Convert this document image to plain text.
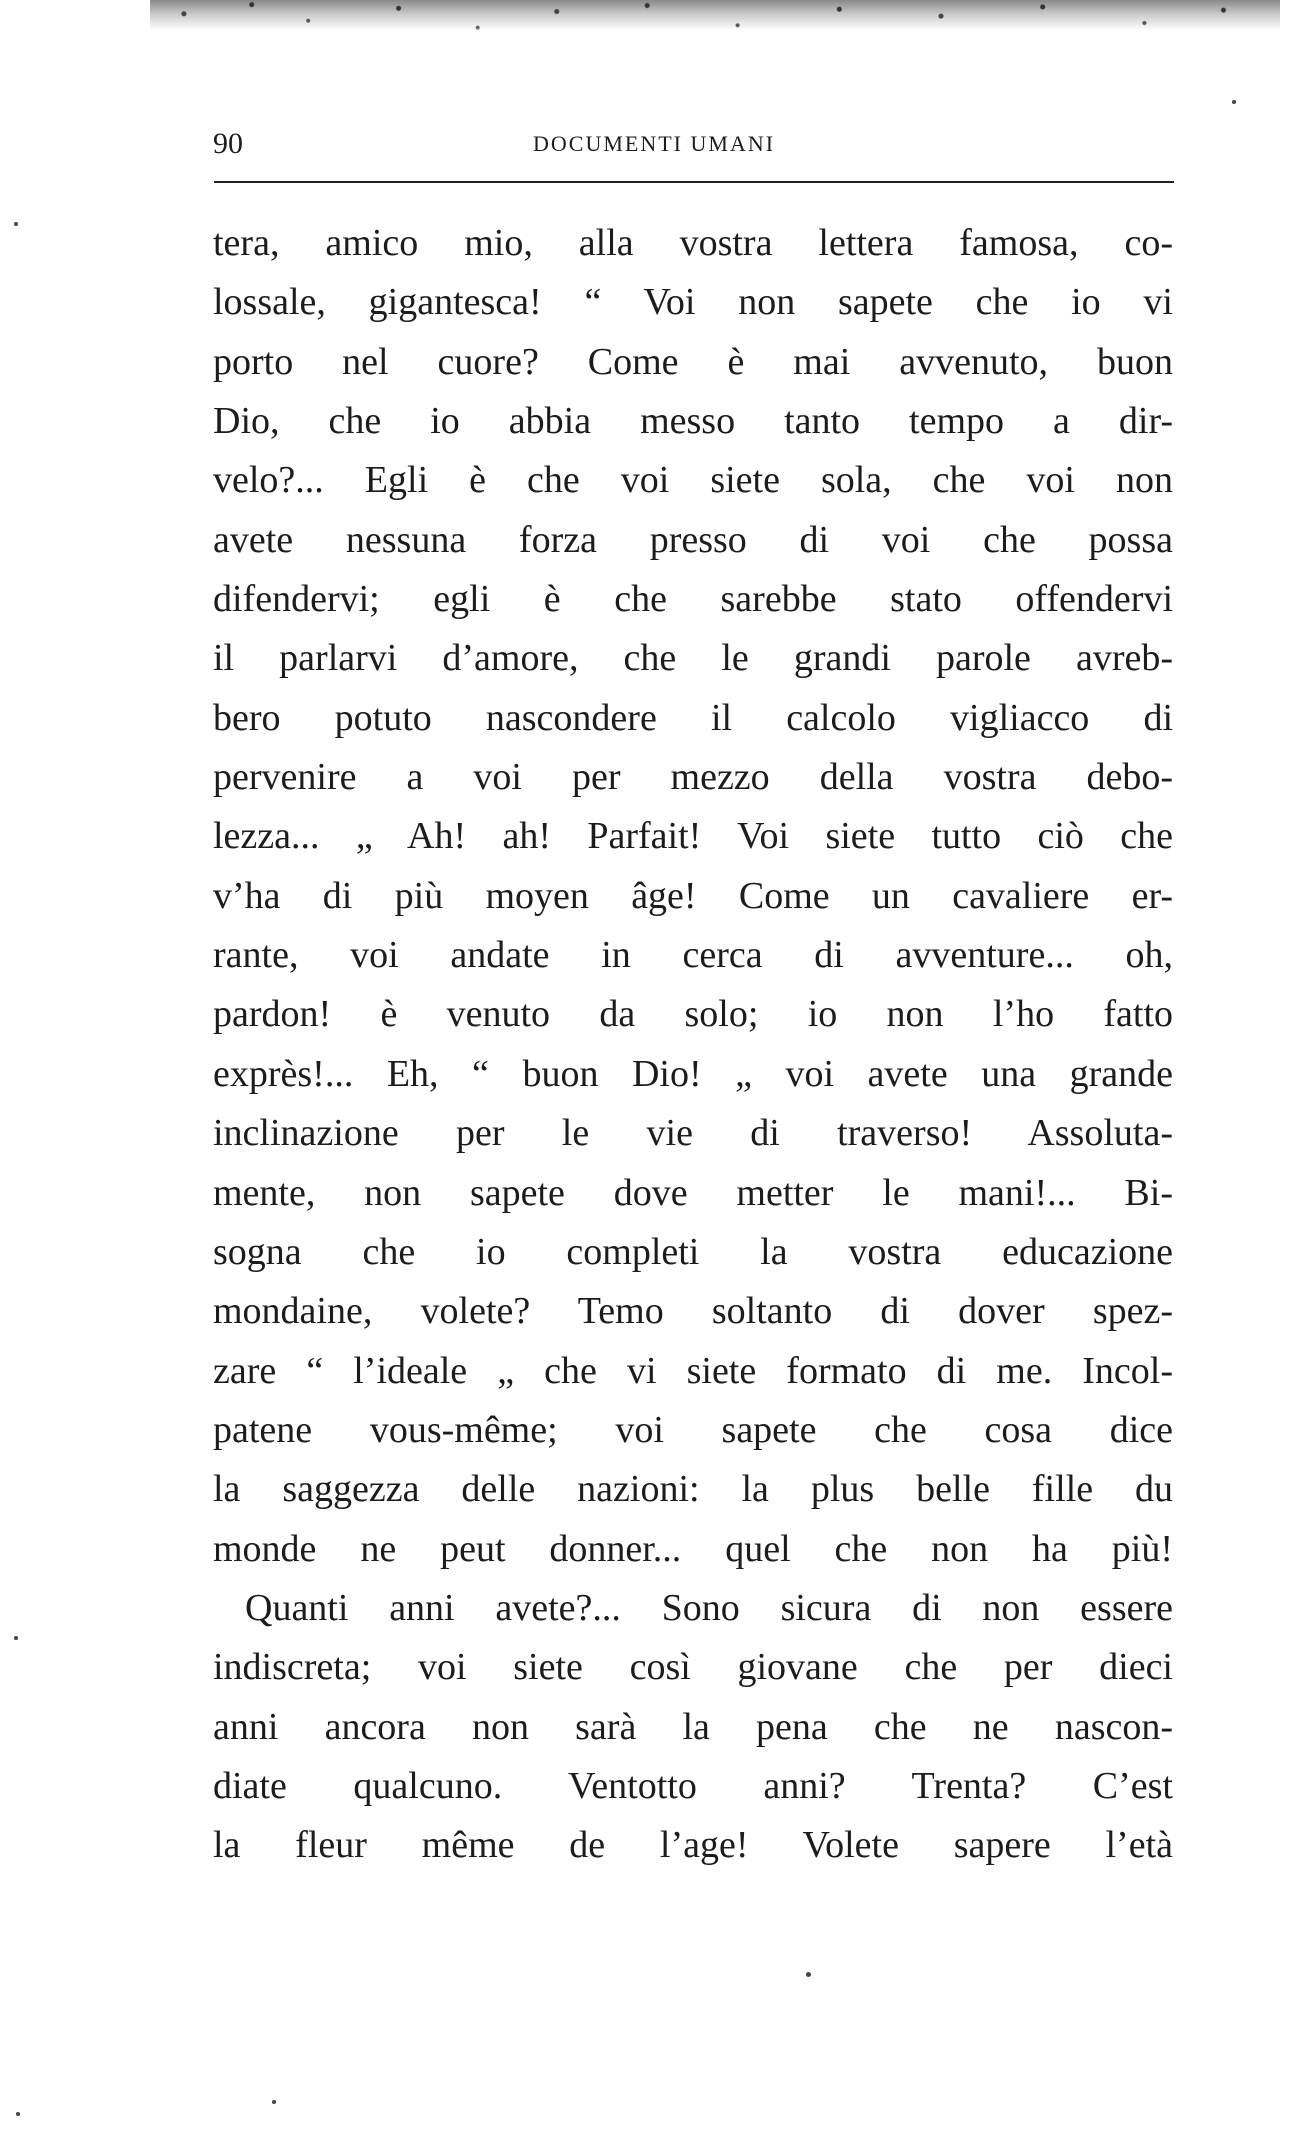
90	DOCUMENTI UMANI
tera, amico mio, alla vostra lettera famosa, co-
lossale, gigantesca! “ Voi non sapete che io vi
porto nel cuore? Come è mai avvenuto, buon
Dio, che io abbia messo tanto tempo a dir-
velo?... Egli è che voi siete sola, che voi non
avete nessuna forza presso di voi che possa
difendervi; egli è che sarebbe stato offendervi
il parlarvi d’amore, che le grandi parole avreb-
bero potuto nascondere il calcolo vigliacco di
pervenire a voi per mezzo della vostra debo-
lezza... „ Ah! ah! Parfait! Voi siete tutto ciò che
v’ha di più moyen âge! Come un cavaliere er-
rante, voi andate in cerca di avventure... oh,
pardon! è venuto da solo; io non l’ho fatto
exprès!... Eh, “ buon Dio! „ voi avete una grande
inclinazione per le vie di traverso! Assoluta-
mente, non sapete dove metter le mani!... Bi-
sogna che io completi la vostra educazione
mondaine, volete? Temo soltanto di dover spez-
zare “ l’ideale „ che vi siete formato di me. Incol-
patene vous-même; voi sapete che cosa dice
la saggezza delle nazioni: la plus belle fille du
monde ne peut donner... quel che non ha più!
Quanti anni avete?... Sono sicura di non essere
indiscreta; voi siete così giovane che per dieci
anni ancora non sarà la pena che ne nascon-
diate qualcuno. Ventotto anni? Trenta? C’est
la fleur même de l’age! Volete sapere l’età
